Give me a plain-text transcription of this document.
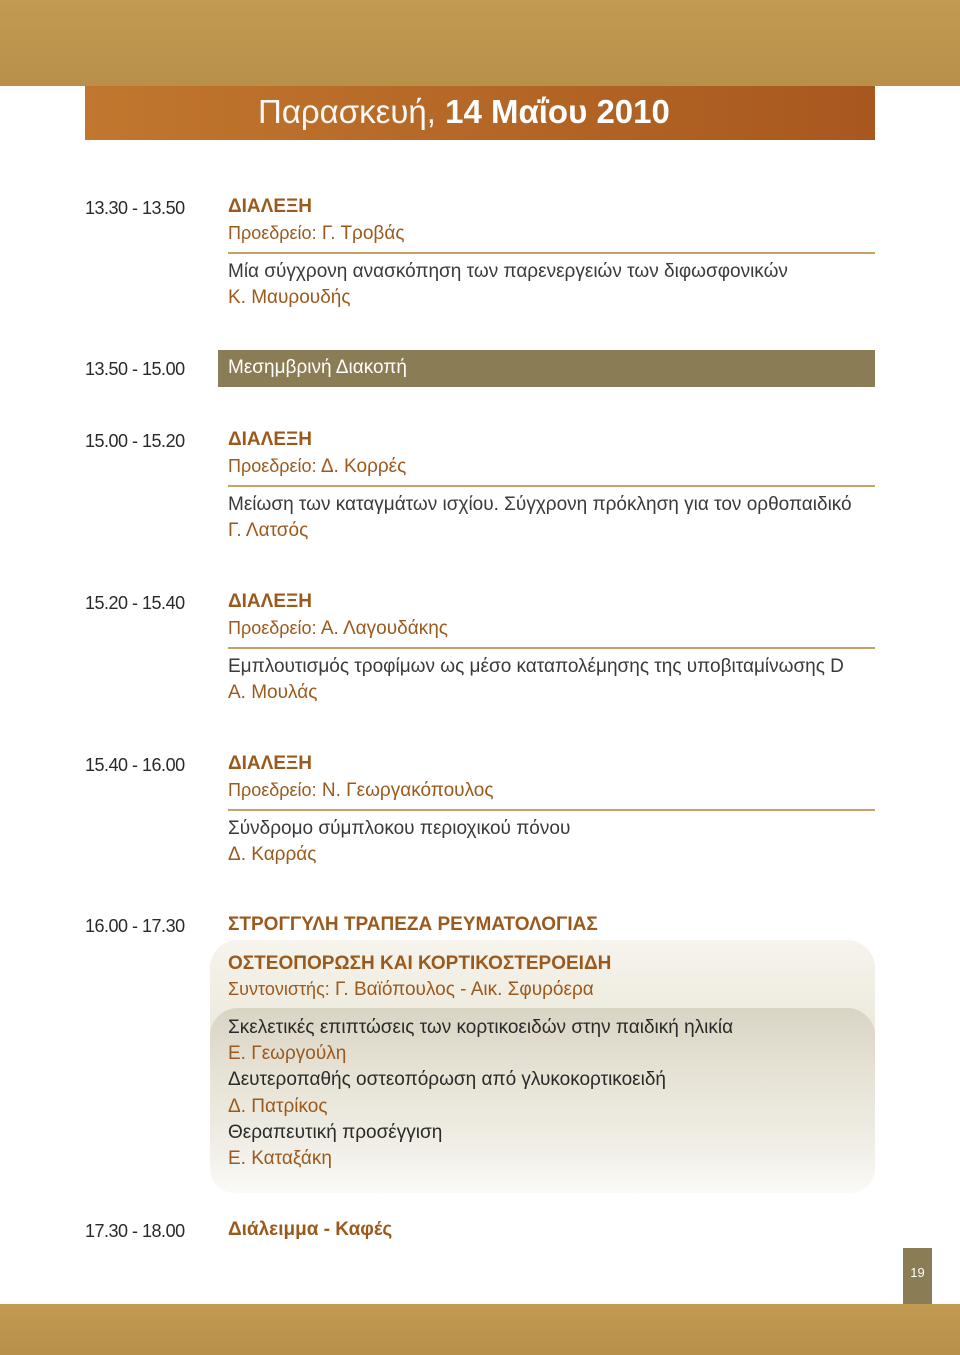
Παρασκευή, 14 Μαΐου 2010
13.30 - 13.50 ΔΙΑΛΕΞΗ
Προεδρείο: Γ. Τροβάς
Μία σύγχρονη ανασκόπηση των παρενεργειών των διφωσφονικών
Κ. Μαυρουδής
13.50 - 15.00 Μεσημβρινή Διακοπή
15.00 - 15.20 ΔΙΑΛΕΞΗ
Προεδρείο: Δ. Κορρές
Μείωση των καταγμάτων ισχίου. Σύγχρονη πρόκληση για τον ορθοπαιδικό
Γ. Λατσός
15.20 - 15.40 ΔΙΑΛΕΞΗ
Προεδρείο: Α. Λαγουδάκης
Εμπλουτισμός τροφίμων ως μέσο καταπολέμησης της υποβιταμίνωσης D
Α. Μουλάς
15.40 - 16.00 ΔΙΑΛΕΞΗ
Προεδρείο: Ν. Γεωργακόπουλος
Σύνδρομο σύμπλοκου περιοχικού πόνου
Δ. Καρράς
16.00 - 17.30 ΣΤΡΟΓΓΥΛΗ ΤΡΑΠΕΖΑ ΡΕΥΜΑΤΟΛΟΓΙΑΣ
ΟΣΤΕΟΠΟΡΩΣΗ ΚΑΙ ΚΟΡΤΙΚΟΣΤΕΡΟΕΙΔΗ
Συντονιστής: Γ. Βαϊόπουλος - Αικ. Σφυρόερα
Σκελετικές επιπτώσεις των κορτικοειδών στην παιδική ηλικία
Ε. Γεωργούλη
Δευτεροπαθής οστεοπόρωση από γλυκοκορτικοειδή
Δ. Πατρίκος
Θεραπευτική προσέγγιση
Ε. Καταξάκη
17.30 - 18.00 Διάλειμμα - Καφές
19
